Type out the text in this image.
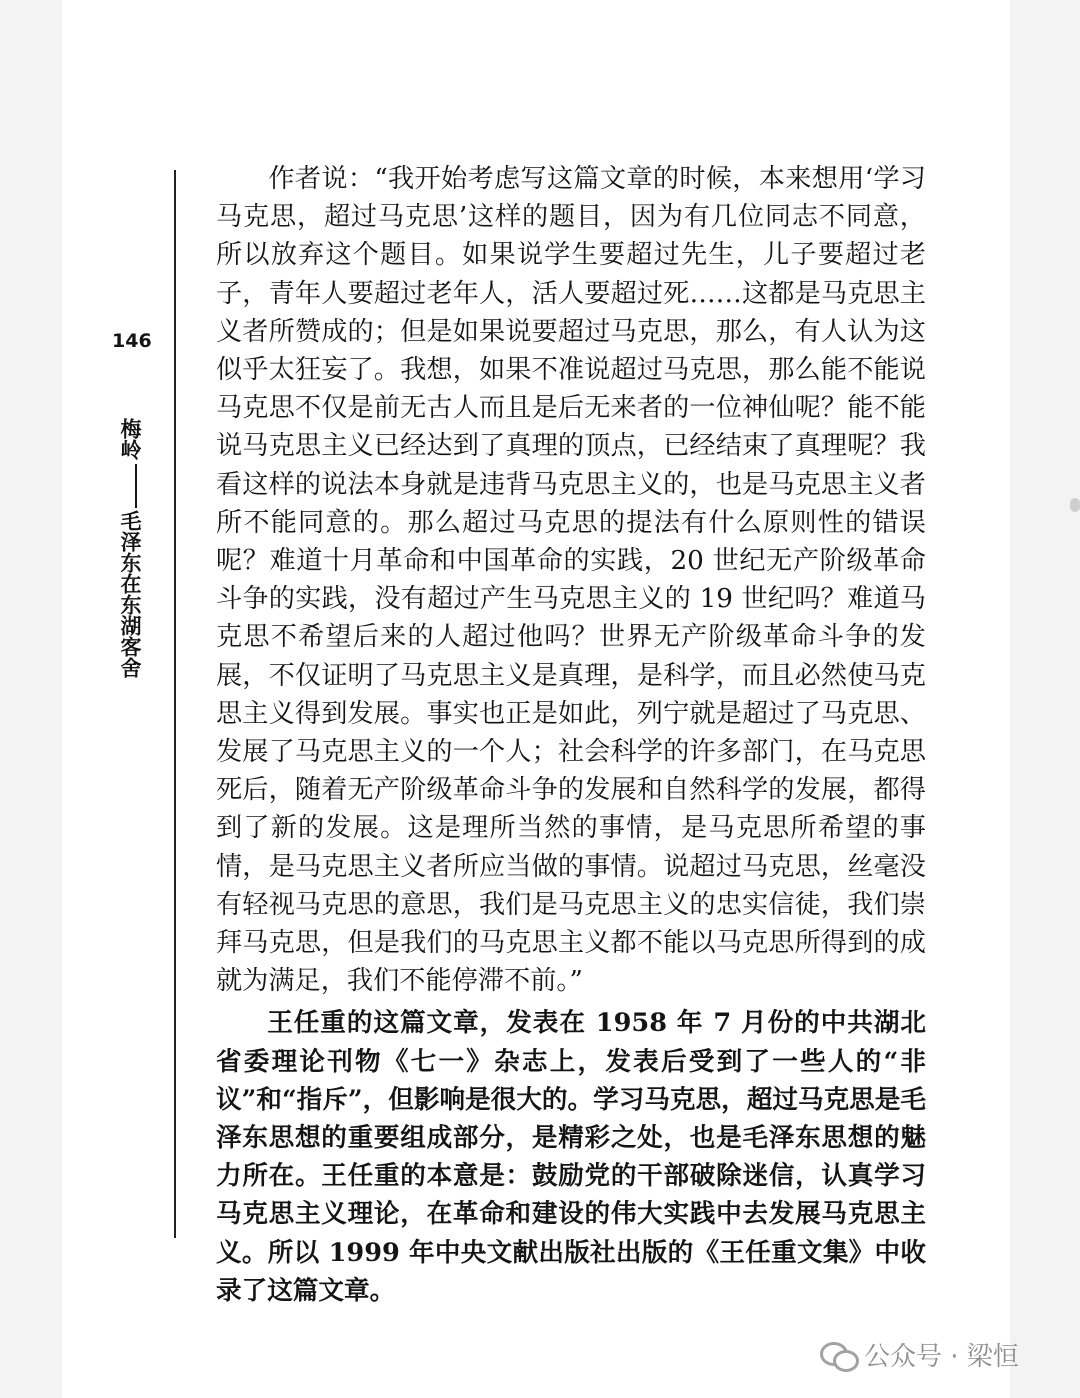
146
梅岭毛泽东在东湖客舍

作者说：“我开始考虑写这篇文章的时候，本来想用‘学习马克思，超过马克思’这样的题目，因为有几位同志不同意，所以放弃这个题目。如果说学生要超过先生，儿子要超过老子，青年人要超过老年人，活人要超过死……这都是马克思主义者所赞成的；但是如果说要超过马克思，那么，有人认为这似乎太狂妄了。我想，如果不准说超过马克思，那么能不能说马克思不仅是前无古人而且是后无来者的一位神仙呢？能不能说马克思主义已经达到了真理的顶点，已经结束了真理呢？我看这样的说法本身就是违背马克思主义的，也是马克思主义者所不能同意的。那么超过马克思的提法有什么原则性的错误呢？难道十月革命和中国革命的实践，20 世纪无产阶级革命斗争的实践，没有超过产生马克思主义的 19 世纪吗？难道马克思不希望后来的人超过他吗？世界无产阶级革命斗争的发展，不仅证明了马克思主义是真理，是科学，而且必然使马克思主义得到发展。事实也正是如此，列宁就是超过了马克思、发展了马克思主义的一个人；社会科学的许多部门，在马克思死后，随着无产阶级革命斗争的发展和自然科学的发展，都得到了新的发展。这是理所当然的事情，是马克思所希望的事情，是马克思主义者所应当做的事情。说超过马克思，丝毫没有轻视马克思的意思，我们是马克思主义的忠实信徒，我们崇拜马克思，但是我们的马克思主义都不能以马克思所得到的成就为满足，我们不能停滞不前。”

王任重的这篇文章，发表在 1958 年 7 月份的中共湖北省委理论刊物《七一》杂志上，发表后受到了一些人的“非议”和“指斥”，但影响是很大的。学习马克思，超过马克思是毛泽东思想的重要组成部分，是精彩之处，也是毛泽东思想的魅力所在。王任重的本意是：鼓励党的干部破除迷信，认真学习马克思主义理论，在革命和建设的伟大实践中去发展马克思主义。所以 1999 年中央文献出版社出版的《王任重文集》中收录了这篇文章。

公众号 · 梁恒
